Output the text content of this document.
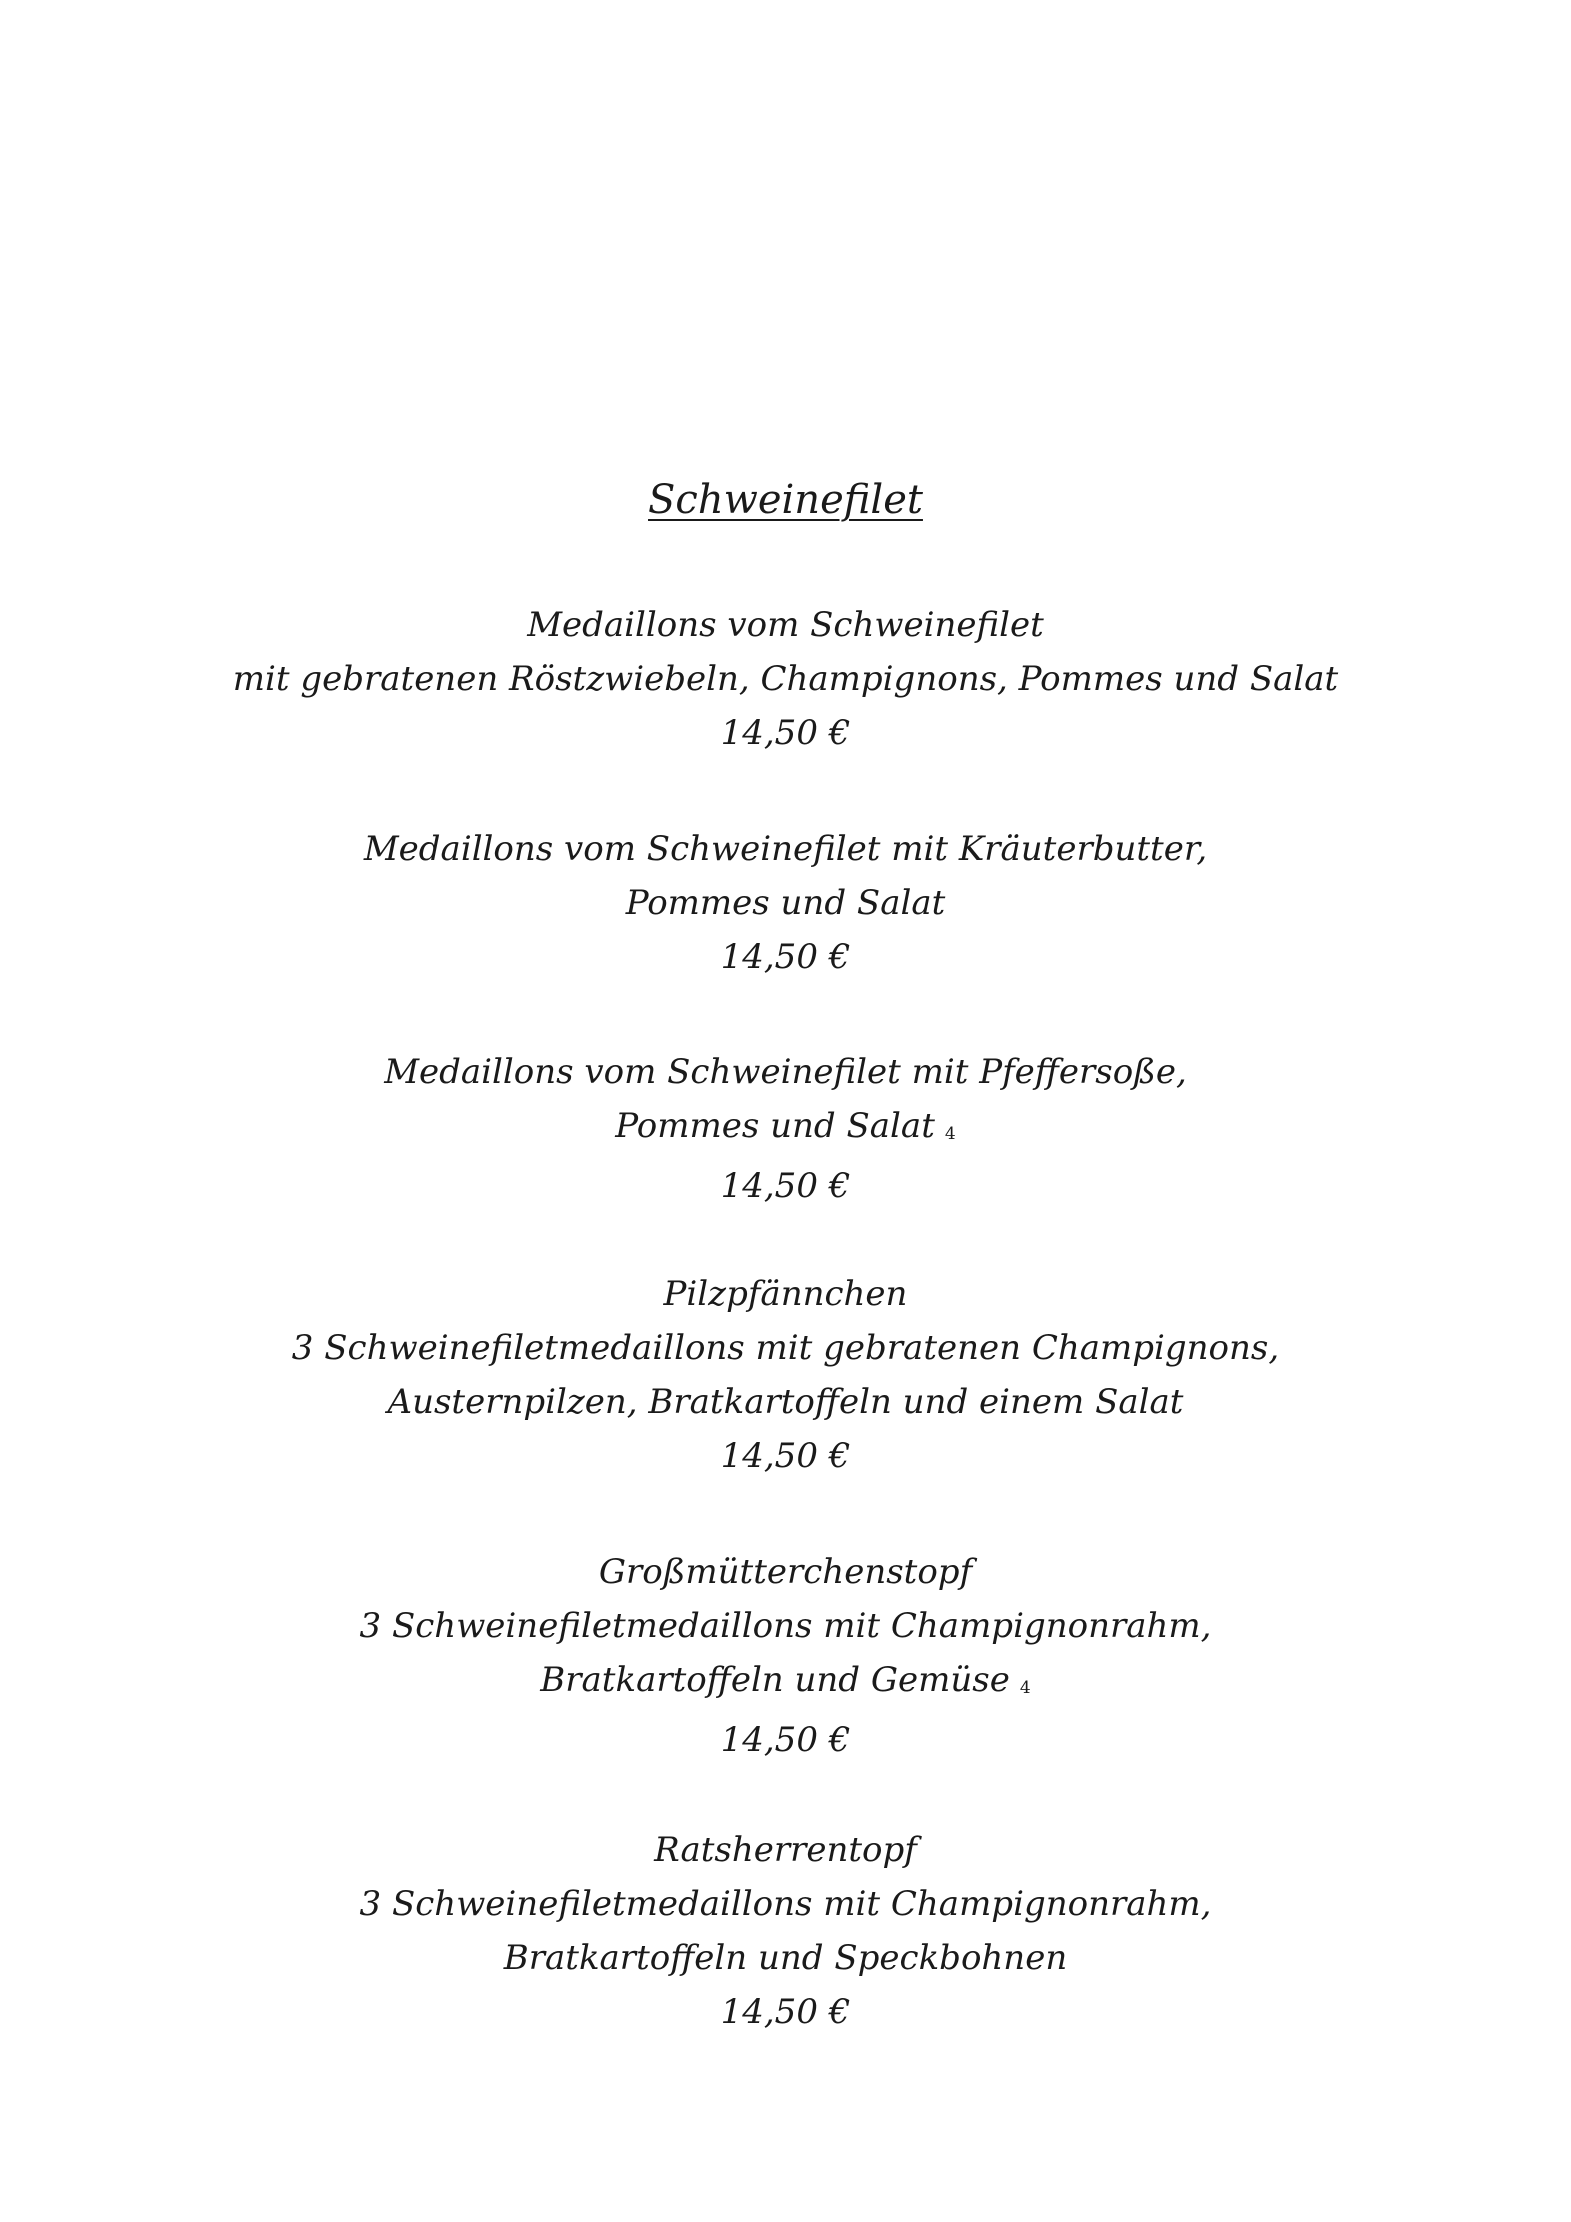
Schweinefilet
Medaillons vom Schweinefilet
mit gebratenen Röstzwiebeln, Champignons, Pommes und Salat
14,50 €
Medaillons vom Schweinefilet mit Kräuterbutter,
Pommes und Salat
14,50 €
Medaillons vom Schweinefilet mit Pfeffersoße,
Pommes und Salat 4
14,50 €
Pilzpfännchen
3 Schweinefiletmedaillons mit gebratenen Champignons,
Austernpilzen, Bratkartoffeln und einem Salat
14,50 €
Großmütterchenstopf
3 Schweinefiletmedaillons mit Champignonrahm,
Bratkartoffeln und Gemüse 4
14,50 €
Ratsherrentopf
3 Schweinefiletmedaillons mit Champignonrahm,
Bratkartoffeln und Speckbohnen
14,50 €
